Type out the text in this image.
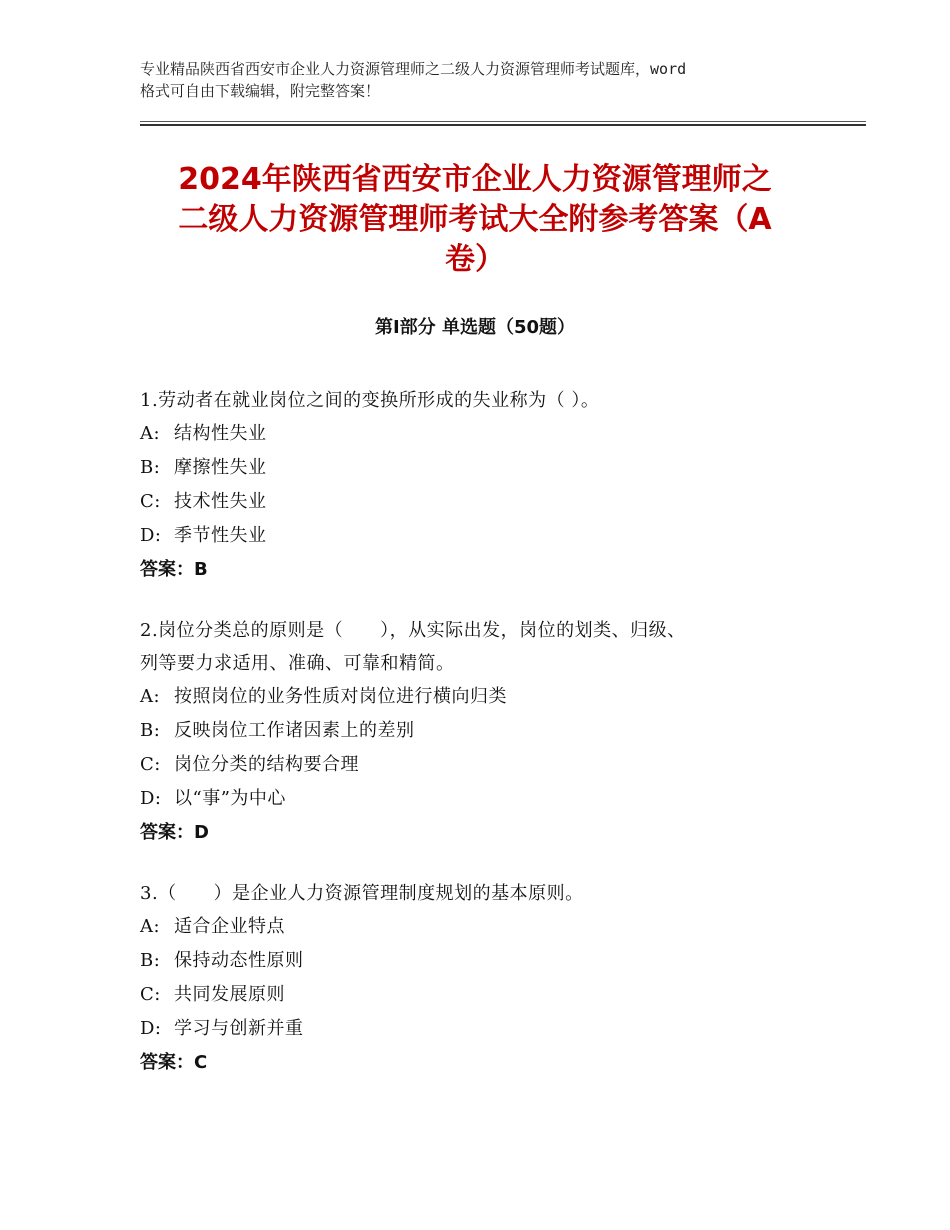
专业精品陕西省西安市企业人力资源管理师之二级人力资源管理师考试题库，word
格式可自由下载编辑，附完整答案！
2024年陕西省西安市企业人力资源管理师之
二级人力资源管理师考试大全附参考答案（A
卷）
第Ⅰ部分 单选题（50题）
1.劳动者在就业岗位之间的变换所形成的失业称为（ ）。
A: 结构性失业
B: 摩擦性失业
C: 技术性失业
D: 季节性失业
答案：B
2.岗位分类总的原则是（　　），从实际出发，岗位的划类、归级、
列等要力求适用、准确、可靠和精简。
A: 按照岗位的业务性质对岗位进行横向归类
B: 反映岗位工作诸因素上的差别
C: 岗位分类的结构要合理
D: 以“事”为中心
答案：D
3.（　　）是企业人力资源管理制度规划的基本原则。
A: 适合企业特点
B: 保持动态性原则
C: 共同发展原则
D: 学习与创新并重
答案：C
